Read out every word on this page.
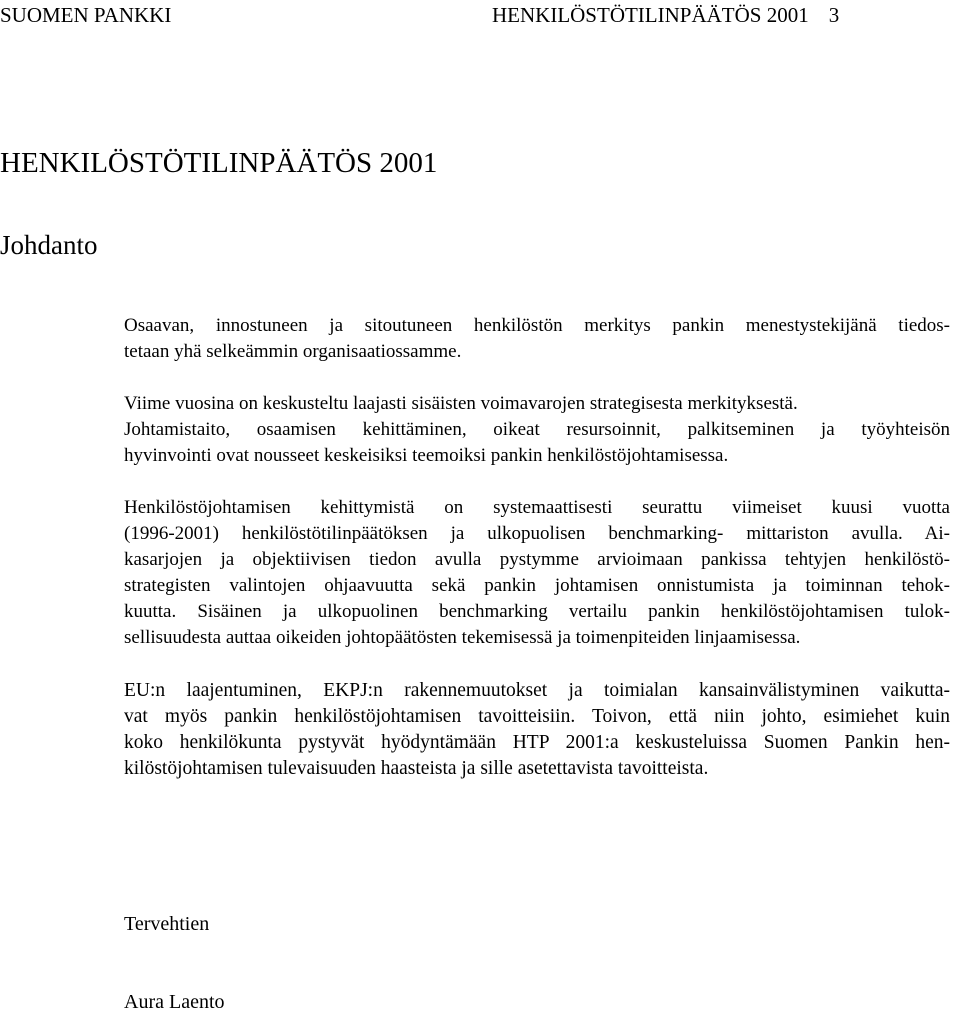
SUOMEN PANKKI	HENKILÖSTÖTILINPÄÄTÖS 2001 3
HENKILÖSTÖTILINPÄÄTÖS 2001
Johdanto
Osaavan, innostuneen ja sitoutuneen henkilöstön merkitys pankin menestystekijänä tiedos-
tetaan yhä selkeämmin organisaatiossamme.
Viime vuosina on keskusteltu laajasti sisäisten voimavarojen strategisesta merkityksestä.
Johtamistaito, osaamisen kehittäminen, oikeat resursoinnit, palkitseminen ja työyhteisön
hyvinvointi ovat nousseet keskeisiksi teemoiksi pankin henkilöstöjohtamisessa.
Henkilöstöjohtamisen kehittymistä on systemaattisesti seurattu viimeiset kuusi vuotta
(1996-2001) henkilöstötilinpäätöksen ja ulkopuolisen benchmarking- mittariston avulla. Ai-
kasarjojen ja objektiivisen tiedon avulla pystymme arvioimaan pankissa tehtyjen henkilöstö-
strategisten valintojen ohjaavuutta sekä pankin johtamisen onnistumista ja toiminnan tehok-
kuutta. Sisäinen ja ulkopuolinen benchmarking vertailu pankin henkilöstöjohtamisen tulok-
sellisuudesta auttaa oikeiden johtopäätösten tekemisessä ja toimenpiteiden linjaamisessa.
EU:n laajentuminen, EKPJ:n rakennemuutokset ja toimialan kansainvälistyminen vaikutta-
vat myös pankin henkilöstöjohtamisen tavoitteisiin. Toivon, että niin johto, esimiehet kuin
koko henkilökunta pystyvät hyödyntämään HTP 2001:a keskusteluissa Suomen Pankin hen-
kilöstöjohtamisen tulevaisuuden haasteista ja sille asetettavista tavoitteista.

Tervehtien

Aura Laento
